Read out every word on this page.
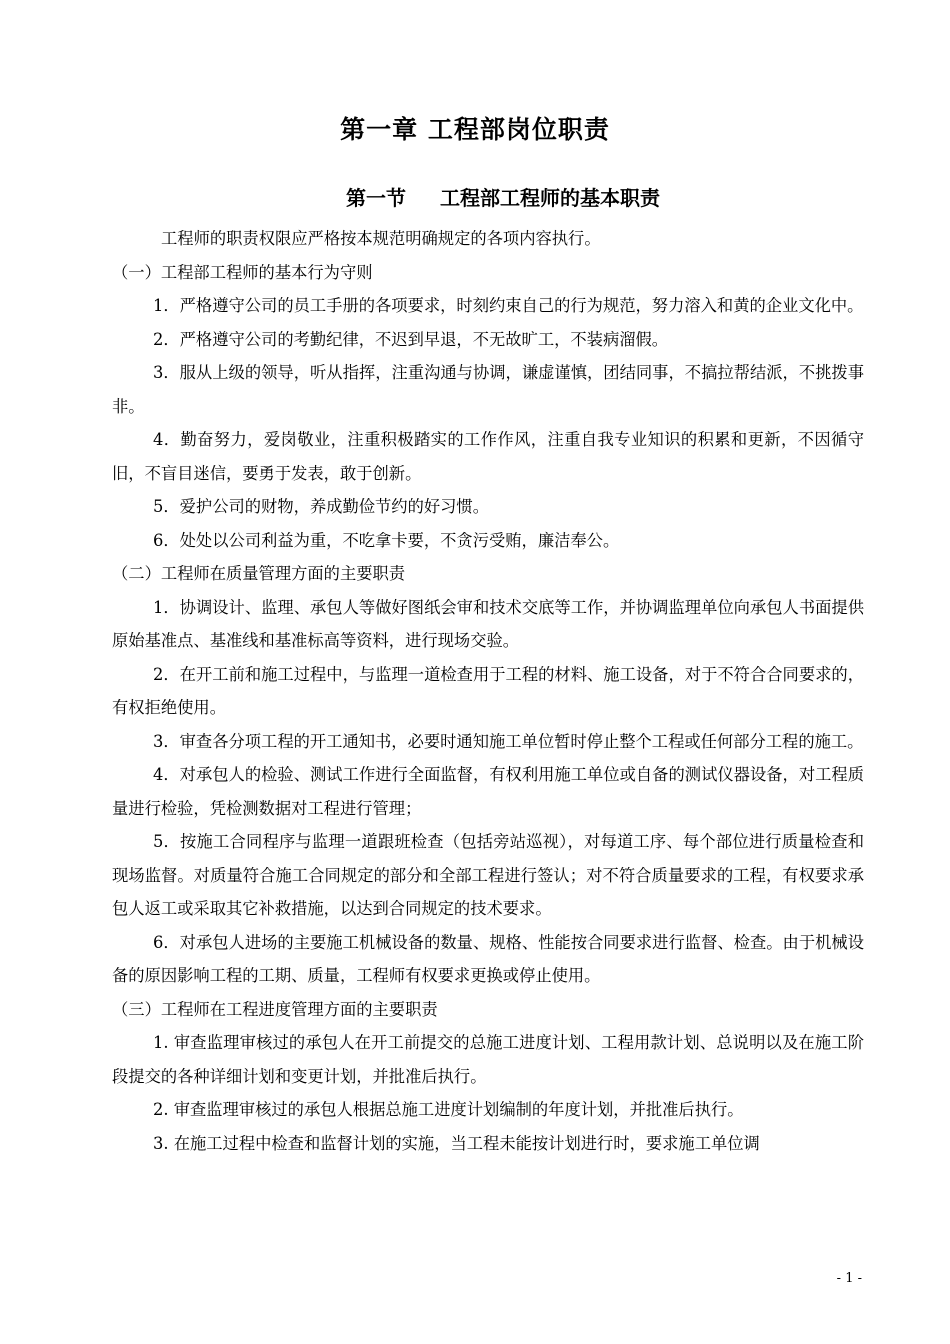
第一章 工程部岗位职责
第一节 工程部工程师的基本职责

工程师的职责权限应严格按本规范明确规定的各项内容执行。

（一）工程部工程师的基本行为守则

1．严格遵守公司的员工手册的各项要求，时刻约束自己的行为规范，努力溶入和黄的企业文化中。

2．严格遵守公司的考勤纪律，不迟到早退，不无故旷工，不装病溜假。

3．服从上级的领导，听从指挥，注重沟通与协调，谦虚谨慎，团结同事，不搞拉帮结派，不挑拨事非。

4．勤奋努力，爱岗敬业，注重积极踏实的工作作风，注重自我专业知识的积累和更新，不因循守旧，不盲目迷信，要勇于发表，敢于创新。

5．爱护公司的财物，养成勤俭节约的好习惯。

6．处处以公司利益为重，不吃拿卡要，不贪污受贿，廉洁奉公。

（二）工程师在质量管理方面的主要职责

1．协调设计、监理、承包人等做好图纸会审和技术交底等工作，并协调监理单位向承包人书面提供原始基准点、基准线和基准标高等资料，进行现场交验。

2．在开工前和施工过程中，与监理一道检查用于工程的材料、施工设备，对于不符合合同要求的，有权拒绝使用。

3．审查各分项工程的开工通知书，必要时通知施工单位暂时停止整个工程或任何部分工程的施工。

4．对承包人的检验、测试工作进行全面监督，有权利用施工单位或自备的测试仪器设备，对工程质量进行检验，凭检测数据对工程进行管理；

5．按施工合同程序与监理一道跟班检查（包括旁站巡视），对每道工序、每个部位进行质量检查和现场监督。对质量符合施工合同规定的部分和全部工程进行签认；对不符合质量要求的工程，有权要求承包人返工或采取其它补救措施，以达到合同规定的技术要求。

6．对承包人进场的主要施工机械设备的数量、规格、性能按合同要求进行监督、检查。由于机械设备的原因影响工程的工期、质量，工程师有权要求更换或停止使用。

（三）工程师在工程进度管理方面的主要职责

1. 审查监理审核过的承包人在开工前提交的总施工进度计划、工程用款计划、总说明以及在施工阶段提交的各种详细计划和变更计划，并批准后执行。

2. 审查监理审核过的承包人根据总施工进度计划编制的年度计划，并批准后执行。

3. 在施工过程中检查和监督计划的实施，当工程未能按计划进行时，要求施工单位调

- 1 -
